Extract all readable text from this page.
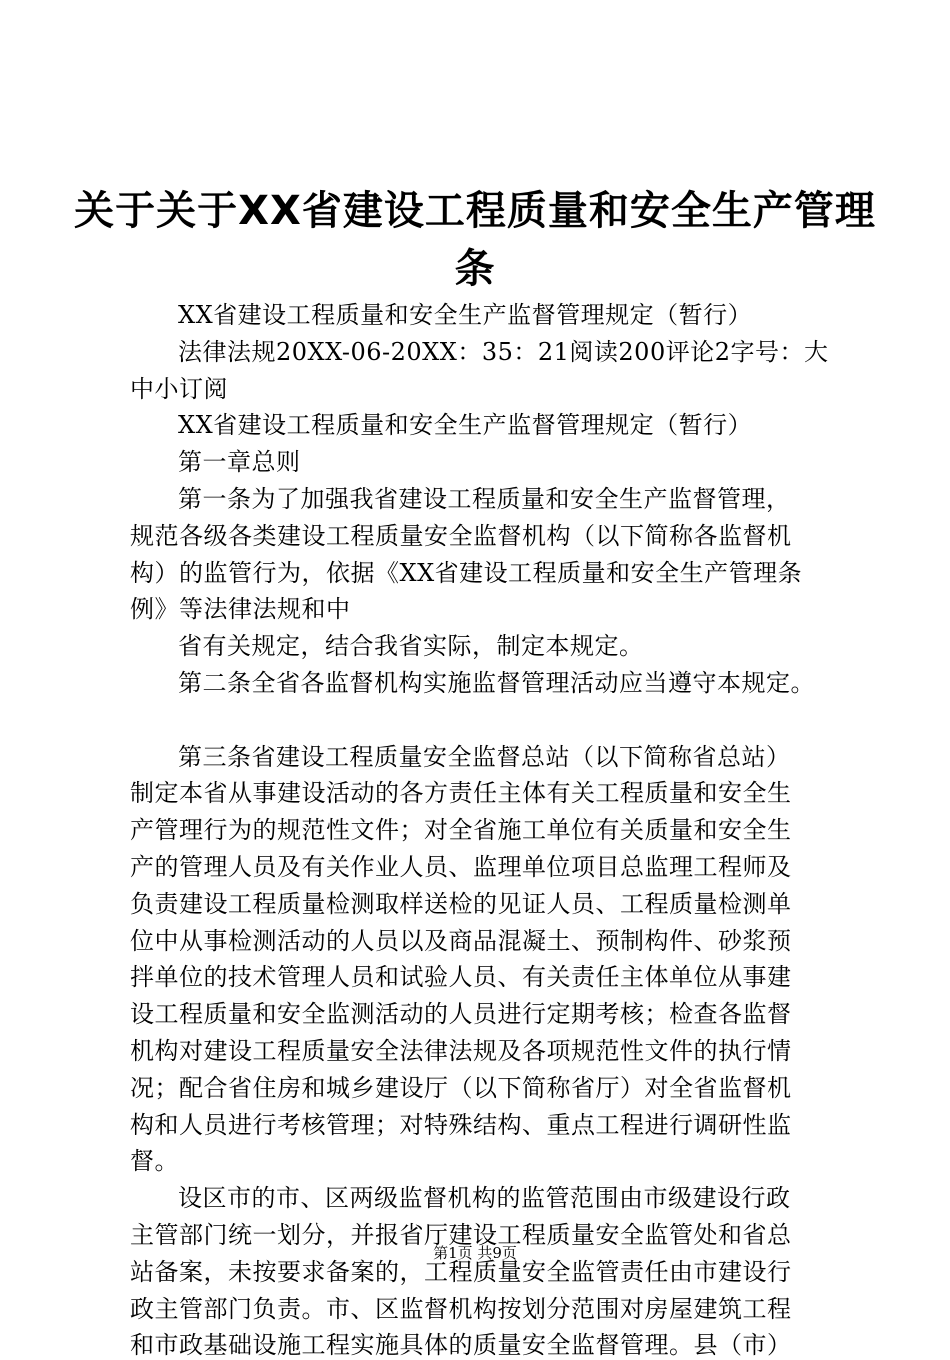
关于关于XX省建设工程质量和安全生产管理
条
XX省建设工程质量和安全生产监督管理规定（暂行）
法律法规20XX-06-20XX：35：21阅读200评论2字号：大
中小订阅
XX省建设工程质量和安全生产监督管理规定（暂行）
第一章总则
第一条为了加强我省建设工程质量和安全生产监督管理，
规范各级各类建设工程质量安全监督机构（以下简称各监督机
构）的监管行为，依据《XX省建设工程质量和安全生产管理条
例》等法律法规和中
省有关规定，结合我省实际，制定本规定。
第二条全省各监督机构实施监督管理活动应当遵守本规定。
第三条省建设工程质量安全监督总站（以下简称省总站）
制定本省从事建设活动的各方责任主体有关工程质量和安全生
产管理行为的规范性文件；对全省施工单位有关质量和安全生
产的管理人员及有关作业人员、监理单位项目总监理工程师及
负责建设工程质量检测取样送检的见证人员、工程质量检测单
位中从事检测活动的人员以及商品混凝土、预制构件、砂浆预
拌单位的技术管理人员和试验人员、有关责任主体单位从事建
设工程质量和安全监测活动的人员进行定期考核；检查各监督
机构对建设工程质量安全法律法规及各项规范性文件的执行情
况；配合省住房和城乡建设厅（以下简称省厅）对全省监督机
构和人员进行考核管理；对特殊结构、重点工程进行调研性监
督。
设区市的市、区两级监督机构的监管范围由市级建设行政
主管部门统一划分，并报省厅建设工程质量安全监管处和省总
站备案，未按要求备案的，工程质量安全监管责任由市建设行
政主管部门负责。市、区监督机构按划分范围对房屋建筑工程
和市政基础设施工程实施具体的质量安全监督管理。县（市）
第1页 共9页
